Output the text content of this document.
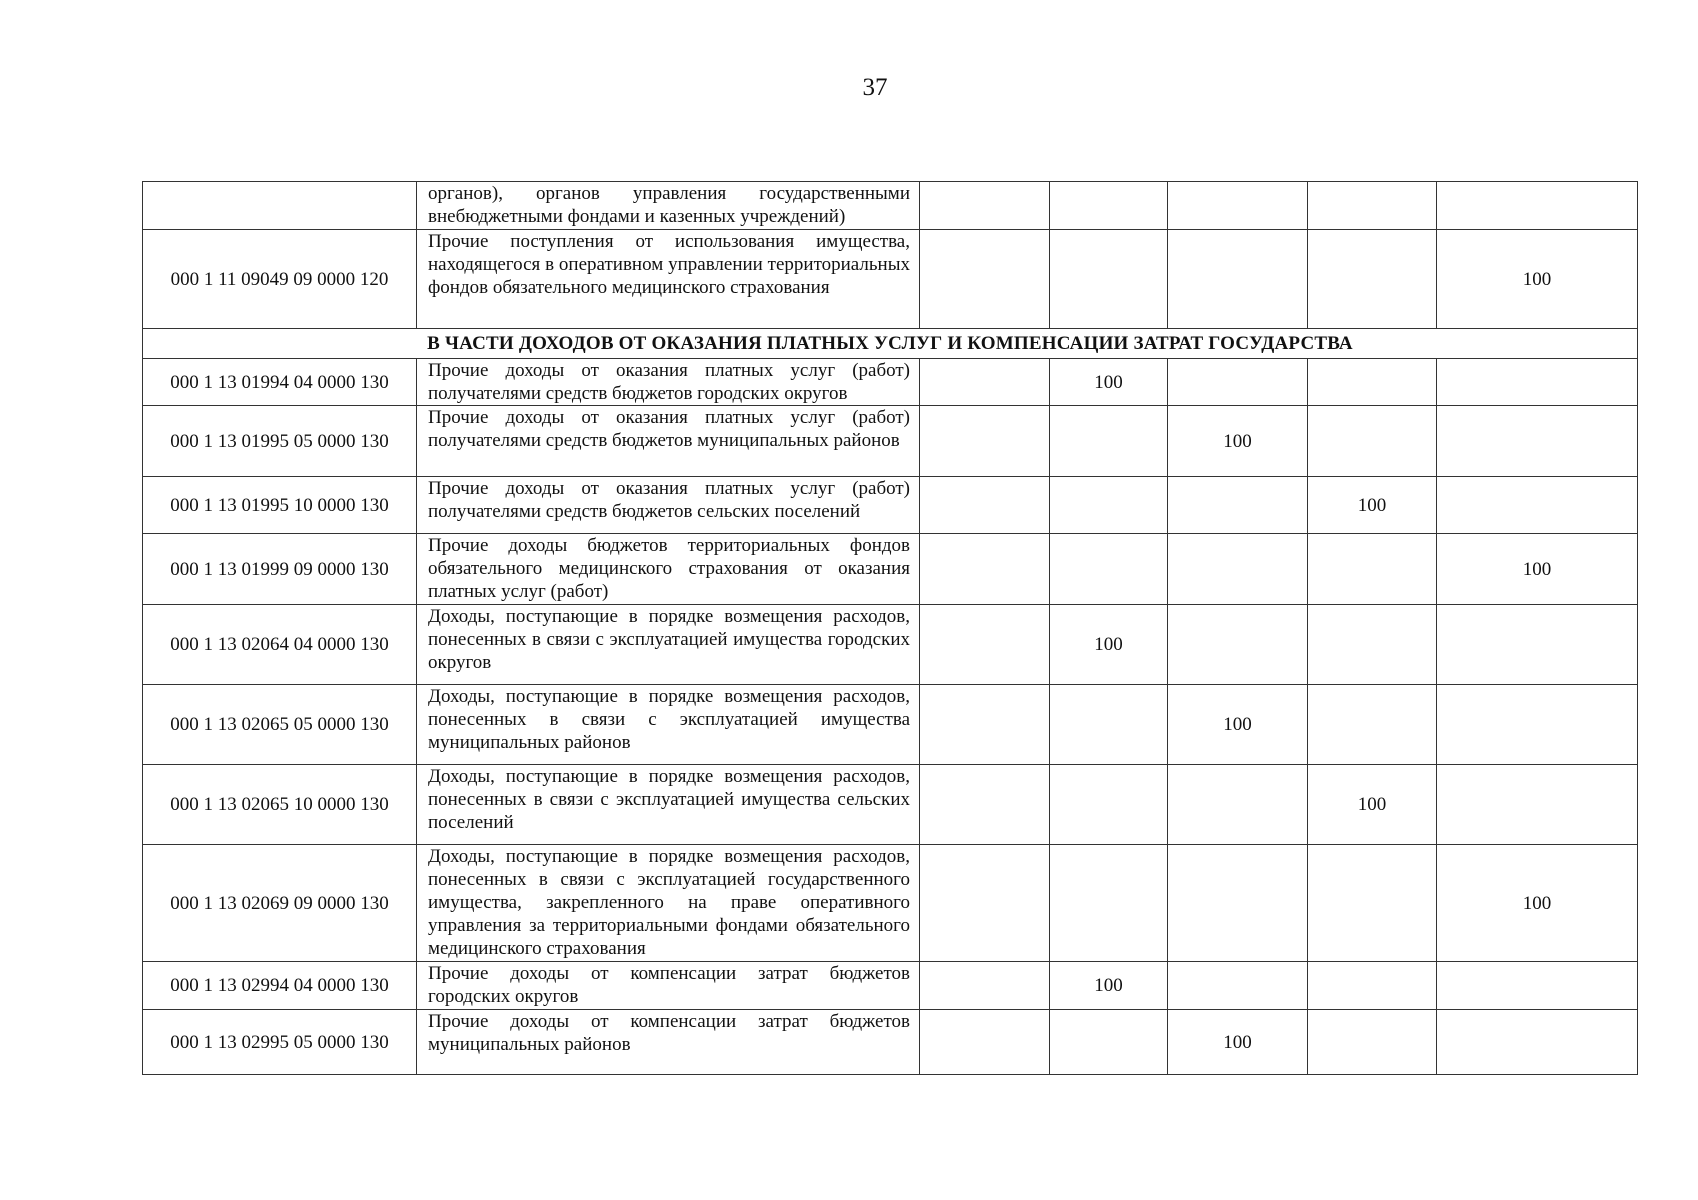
37
	органов), органов управления государственными внебюджетными фондами и казенных учреждений)					
000 1 11 09049 09 0000 120	Прочие поступления от использования имущества, находящегося в оперативном управлении территориальных фондов обязательного медицинского страхования					100
В ЧАСТИ ДОХОДОВ ОТ ОКАЗАНИЯ ПЛАТНЫХ УСЛУГ И КОМПЕНСАЦИИ ЗАТРАТ ГОСУДАРСТВА						
000 1 13 01994 04 0000 130	Прочие доходы от оказания платных услуг (работ) получателями средств бюджетов городских округов		100			
000 1 13 01995 05 0000 130	Прочие доходы от оказания платных услуг (работ) получателями средств бюджетов муниципальных районов			100		
000 1 13 01995 10 0000 130	Прочие доходы от оказания платных услуг (работ) получателями средств бюджетов сельских поселений				100	
000 1 13 01999 09 0000 130	Прочие доходы бюджетов территориальных фондов обязательного медицинского страхования от оказания платных услуг (работ)					100
000 1 13 02064 04 0000 130	Доходы, поступающие в порядке возмещения расходов, понесенных в связи с эксплуатацией имущества городских округов		100			
000 1 13 02065 05 0000 130	Доходы, поступающие в порядке возмещения расходов, понесенных в связи с эксплуатацией имущества муниципальных районов			100		
000 1 13 02065 10 0000 130	Доходы, поступающие в порядке возмещения расходов, понесенных в связи с эксплуатацией имущества сельских поселений				100	
000 1 13 02069 09 0000 130	Доходы, поступающие в порядке возмещения расходов, понесенных в связи с эксплуатацией государственного имущества, закрепленного на праве оперативного управления за территориальными фондами обязательного медицинского страхования					100
000 1 13 02994 04 0000 130	Прочие доходы от компенсации затрат бюджетов городских округов		100			
000 1 13 02995 05 0000 130	Прочие доходы от компенсации затрат бюджетов муниципальных районов			100		
